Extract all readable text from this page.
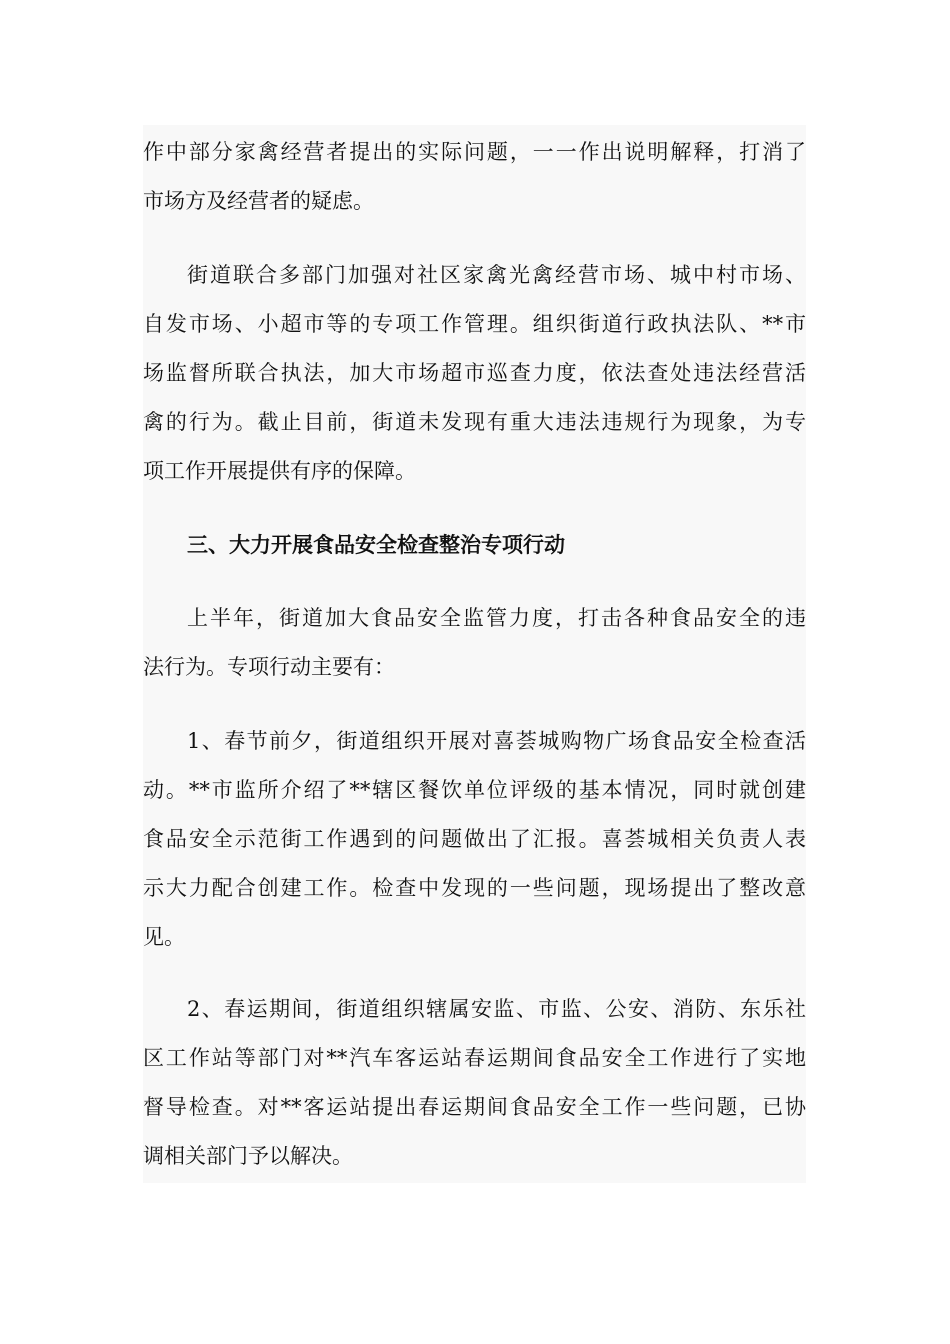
作中部分家禽经营者提出的实际问题，一一作出说明解释，打消了
市场方及经营者的疑虑。
街道联合多部门加强对社区家禽光禽经营市场、城中村市场、
自发市场、小超市等的专项工作管理。组织街道行政执法队、**市
场监督所联合执法，加大市场超市巡查力度，依法查处违法经营活
禽的行为。截止目前，街道未发现有重大违法违规行为现象，为专
项工作开展提供有序的保障。
三、大力开展食品安全检查整治专项行动
上半年，街道加大食品安全监管力度，打击各种食品安全的违
法行为。专项行动主要有：
1、春节前夕，街道组织开展对喜荟城购物广场食品安全检查活
动。**市监所介绍了**辖区餐饮单位评级的基本情况，同时就创建
食品安全示范街工作遇到的问题做出了汇报。喜荟城相关负责人表
示大力配合创建工作。检查中发现的一些问题，现场提出了整改意
见。
2、春运期间，街道组织辖属安监、市监、公安、消防、东乐社
区工作站等部门对**汽车客运站春运期间食品安全工作进行了实地
督导检查。对**客运站提出春运期间食品安全工作一些问题，已协
调相关部门予以解决。
